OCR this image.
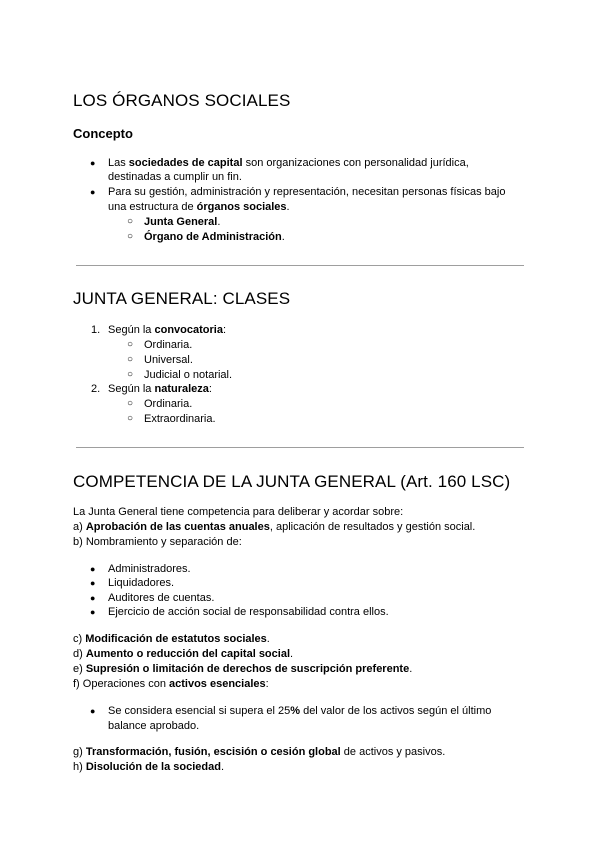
LOS ÓRGANOS SOCIALES
Concepto
● Las sociedades de capital son organizaciones con personalidad jurídica,
destinadas a cumplir un fin.
● Para su gestión, administración y representación, necesitan personas físicas bajo
una estructura de órganos sociales.
○ Junta General.
○ Órgano de Administración.
JUNTA GENERAL: CLASES
1. Según la convocatoria:
○ Ordinaria.
○ Universal.
○ Judicial o notarial.
2. Según la naturaleza:
○ Ordinaria.
○ Extraordinaria.
COMPETENCIA DE LA JUNTA GENERAL (Art. 160 LSC)
La Junta General tiene competencia para deliberar y acordar sobre:
a) Aprobación de las cuentas anuales, aplicación de resultados y gestión social.
b) Nombramiento y separación de:
● Administradores.
● Liquidadores.
● Auditores de cuentas.
● Ejercicio de acción social de responsabilidad contra ellos.
c) Modificación de estatutos sociales.
d) Aumento o reducción del capital social.
e) Supresión o limitación de derechos de suscripción preferente.
f) Operaciones con activos esenciales:
● Se considera esencial si supera el 25% del valor de los activos según el último
balance aprobado.
g) Transformación, fusión, escisión o cesión global de activos y pasivos.
h) Disolución de la sociedad.
